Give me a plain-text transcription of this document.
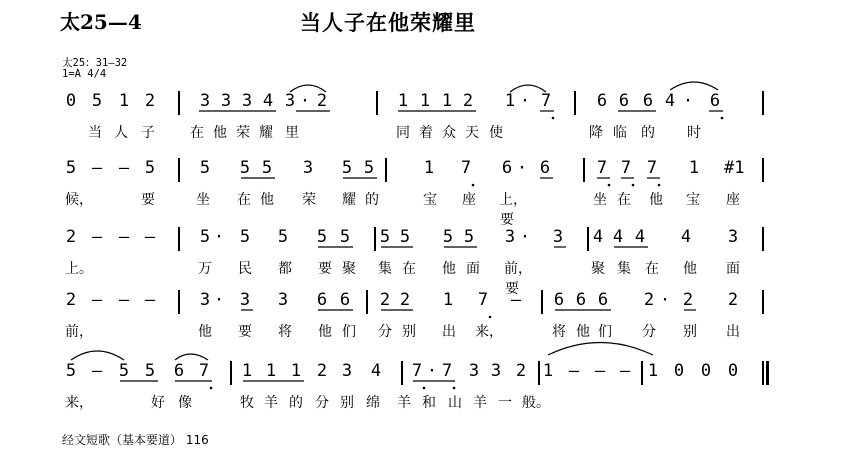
太25—4	当人子在他荣耀里
太25：31—32
1=A 4/4
0 5 1 2	3 3 3 4 3 · 2	1 1 1 2 1 · 7	6 6 6 4 · 6
当 人 子	在 他 荣 耀 里	同 着 众 天 使	降 临 的 时
5 – – 5	5 5 5 3 5 5	1 7 6 · 6	7 7 7 1 #1
候，	要	坐 在 他 荣 耀 的	宝 座 上，要
坐 在 他 宝 座
2 – – –	5 · 5 5 5 5 5 5 5 5 3 · 3 4 4 4 4 3
上。	万 民 都 要 聚 集 在 他 面 前，要
聚 集 在 他 面
2 – – –	3 · 3 3 6 6 2 2 1 7 – 6 6 6 2 · 2 2
前，	他 要 将 他 们 分 别 出 来，	将 他 们 分 别 出
5 – 5 5 6 7 1 1 1 2 3 4 7 · 7 3 3 2 1 – – – 1 0 0 0
来，	好 像	牧 羊 的 分 别 绵 羊 和 山 羊 一 般。
经文短歌（基本要道） 116
